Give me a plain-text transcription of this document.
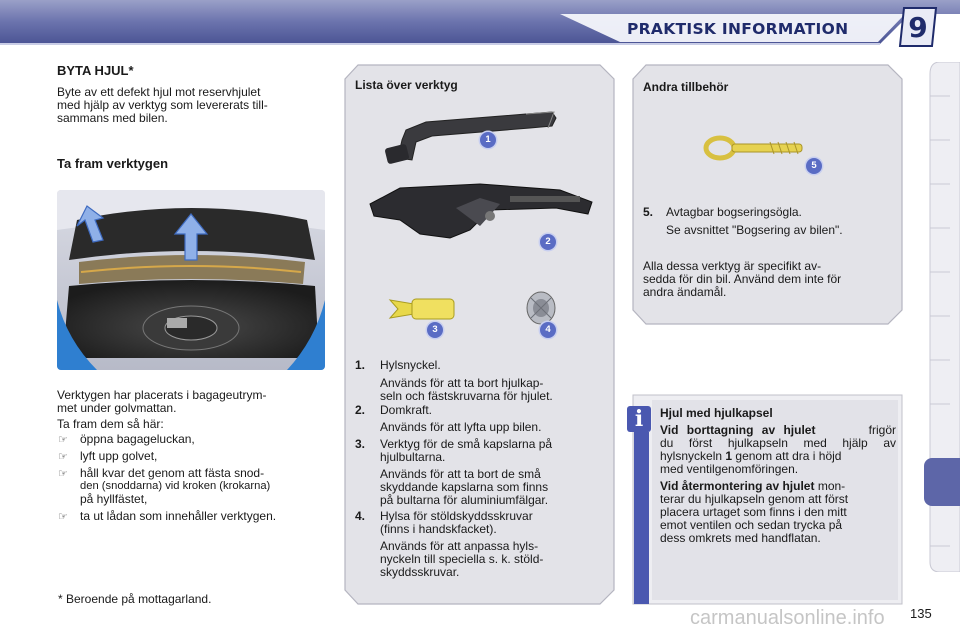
PRAKTISK INFORMATION	9
BYTA HJUL*
Byte av ett defekt hjul mot reservhjulet
med hjälp av verktyg som levererats till-
sammans med bilen.
Ta fram verktygen
Verktygen har placerats i bagageutrym-
met under golvmattan.
Ta fram dem så här:
☞ öppna bagageluckan,
☞ lyft upp golvet,
☞ håll kvar det genom att fästa snod-
den (snoddarna) vid kroken (krokarna)
på hyllfästet,
☞ ta ut lådan som innehåller verktygen.
* Beroende på mottagarland.
Lista över verktyg
1
2
3	4
1. Hylsnyckel.
Används för att ta bort hjulkap-
seln och fästskruvarna för hjulet.
2. Domkraft.
Används för att lyfta upp bilen.
3. Verktyg för de små kapslarna på
hjulbultarna.
Används för att ta bort de små
skyddande kapslarna som finns
på bultarna för aluminiumfälgar.
4. Hylsa för stöldskyddsskruvar
(finns i handskfacket).
Används för att anpassa hyls-
nyckeln till speciella s. k. stöld-
skyddsskruvar.
Andra tillbehör
5
5. Avtagbar bogseringsögla.
Se avsnittet "Bogsering av bilen".
Alla dessa verktyg är specifikt av-
sedda för din bil. Använd dem inte för
andra ändamål.
i	Hjul med hjulkapsel
Vid borttagning av hjulet	frigör
du först hjulkapseln med hjälp av
hylsnyckeln 1 genom att dra i höjd
med ventilgenomföringen.
Vid återmontering av hjulet mon-
terar du hjulkapseln genom att först
placera urtaget som finns i den mitt
emot ventilen och sedan trycka på
dess omkrets med handflatan.
135
carmanualsonline.info
